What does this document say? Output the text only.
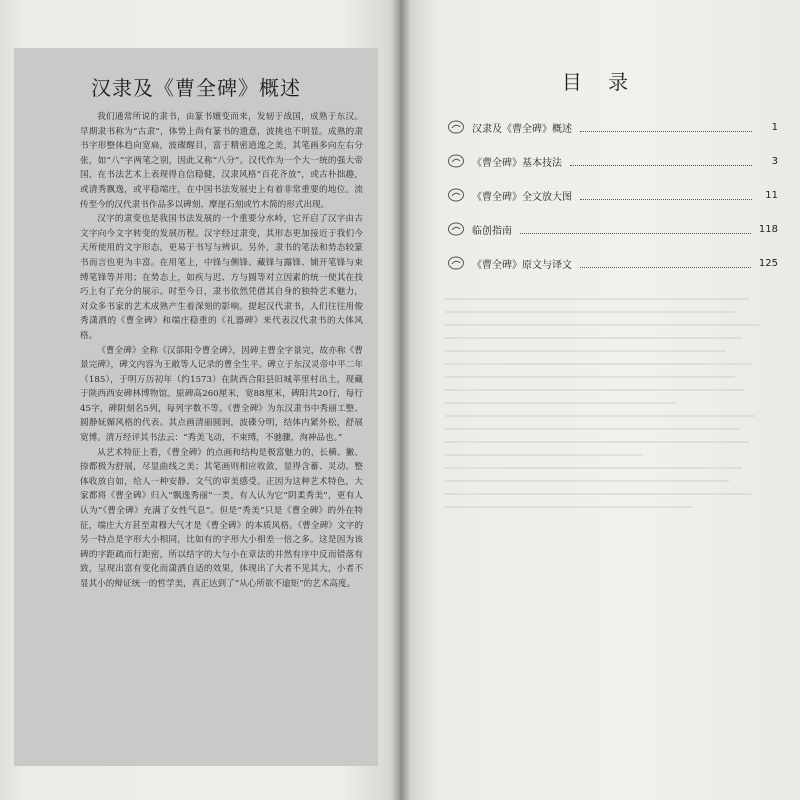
汉隶及《曹全碑》概述

我们通常所说的隶书，由篆书嬗变而来，发轫于战国，成熟于东汉。早期隶书称为“古隶”，体势上尚有篆书的遗意，波挑也不明显。成熟的隶书字形整体趋向宽扁，波碟醒目，富于精密逍逸之美，其笔画多向左右分张，如“八”字两笔之别，因此又称“八分”。汉代作为一个大一统的强大帝国，在书法艺术上表现得自信稳健，汉隶风格“百花齐放”，或古朴拙趣，或清秀飘逸，或平稳端庄，在中国书法发展史上有着非常重要的地位。流传至今的汉代隶书作品多以碑刻、摩崖石刻或竹木简的形式出现。

汉字的隶变也是我国书法发展的一个重要分水岭，它开启了汉字由古文字向今文字转变的发展历程。汉字经过隶变，其形态更加接近于我们今天所使用的文字形态，更易于书写与辨识。另外，隶书的笔法和势态较篆书而言也更为丰富。在用笔上，中锋与侧锋、藏锋与露锋、铺开笔锋与束缚笔锋等并用；在势态上，如疾与迟、方与圆等对立因素的统一使其在技巧上有了充分的展示。时至今日，隶书依然凭借其自身的独特艺术魅力，对众多书家的艺术成熟产生着深刻的影响。提起汉代隶书，人们往往用俊秀潇洒的《曹全碑》和端庄稳重的《礼器碑》来代表汉代隶书的大体风格。

《曹全碑》全称《汉郃阳令曹全碑》，因碑主曹全字景完，故亦称《曹景完碑》，碑文内容为王敞等人记录的曹全生平。碑立于东汉灵帝中平二年（185），于明万历初年（约1573）在陕西合阳县旧城莘里村出土，现藏于陕西西安碑林博物馆。原碑高260厘米，宽88厘米，碑阳共20行，每行45字，碑阴刻名5列，每列字数不等。《曹全碑》为东汉隶书中秀丽工整、圆静妩媚风格的代表。其点画清丽圆润，波碟分明，结体内紧外松，舒展宽博。清万经评其书法云：“秀美飞动，不束缚，不驰骤，洵神品也。”

从艺术特征上看，《曹全碑》的点画和结构是极富魅力的，长横、撇、捺都极为舒展，尽显曲线之美；其笔画则相应收敛，显得含蓄、灵动。整体收放自如，给人一种安静、文气的审美感受。正因为这种艺术特色，大家都将《曹全碑》归入“飘逸秀丽”一类，有人认为它“阴柔秀美”，更有人认为“《曹全碑》充满了女性气息”。但是“秀美”只是《曹全碑》的外在特征，端庄大方甚至肃穆大气才是《曹全碑》的本质风格。《曹全碑》文字的另一特点是字形大小相同，比如有的字形大小相差一倍之多。这是因为该碑的字距疏而行距密，所以结字的大与小在章法的井然有序中反而错落有致，呈现出富有变化而潇洒自适的效果，体现出了大者不见其大，小者不显其小的辩证统一的哲学美，真正达到了“从心所欲不逾矩”的艺术高度。

目 录
汉隶及《曹全碑》概述	1
《曹全碑》基本技法	3
《曹全碑》全文放大图	11
临创指南	118
《曹全碑》原文与译文	125
